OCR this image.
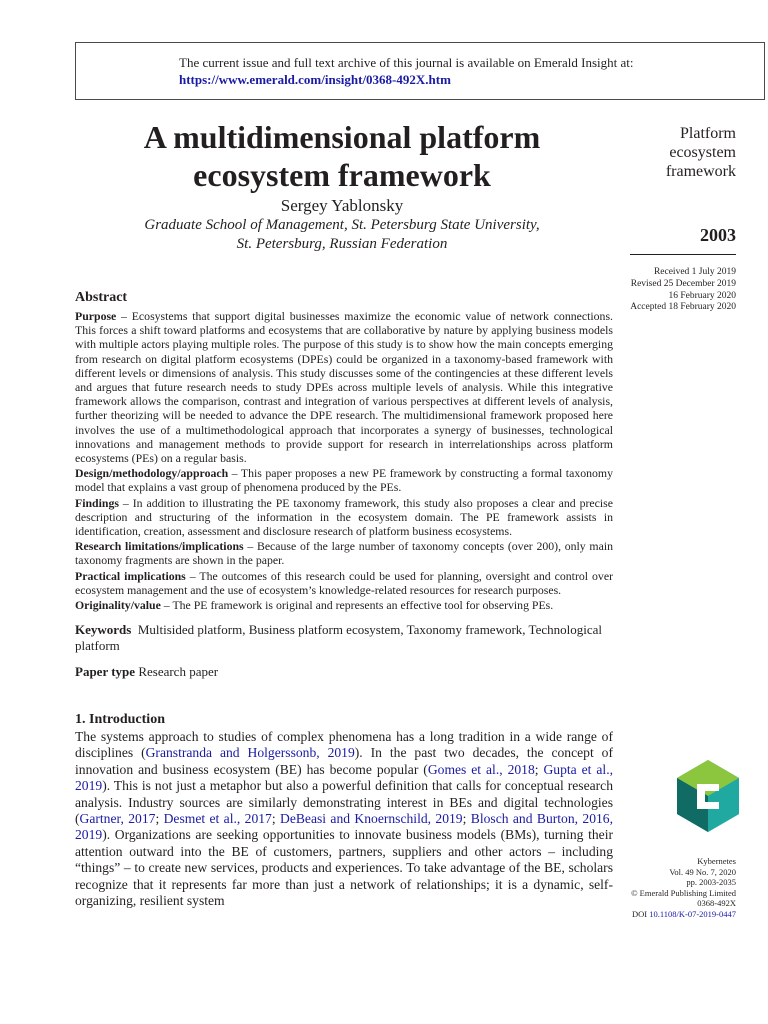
The current issue and full text archive of this journal is available on Emerald Insight at:
https://www.emerald.com/insight/0368-492X.htm
A multidimensional platform ecosystem framework
Sergey Yablonsky
Graduate School of Management, St. Petersburg State University,
St. Petersburg, Russian Federation
Platform
ecosystem
framework
2003
Received 1 July 2019
Revised 25 December 2019
16 February 2020
Accepted 18 February 2020
Abstract

Purpose – Ecosystems that support digital businesses maximize the economic value of network connections. This forces a shift toward platforms and ecosystems that are collaborative by nature by applying business models with multiple actors playing multiple roles. The purpose of this study is to show how the main concepts emerging from research on digital platform ecosystems (DPEs) could be organized in a taxonomy-based framework with different levels or dimensions of analysis. This study discusses some of the contingencies at these different levels and argues that future research needs to study DPEs across multiple levels of analysis. While this integrative framework allows the comparison, contrast and integration of various perspectives at different levels of analysis, further theorizing will be needed to advance the DPE research. The multidimensional framework proposed here involves the use of a multimethodological approach that incorporates a synergy of businesses, technological innovations and management methods to provide support for research in interrelationships across platform ecosystems (PEs) on a regular basis.

Design/methodology/approach – This paper proposes a new PE framework by constructing a formal taxonomy model that explains a vast group of phenomena produced by the PEs.

Findings – In addition to illustrating the PE taxonomy framework, this study also proposes a clear and precise description and structuring of the information in the ecosystem domain. The PE framework assists in identification, creation, assessment and disclosure research of platform business ecosystems.

Research limitations/implications – Because of the large number of taxonomy concepts (over 200), only main taxonomy fragments are shown in the paper.

Practical implications – The outcomes of this research could be used for planning, oversight and control over ecosystem management and the use of ecosystem’s knowledge-related resources for research purposes.

Originality/value – The PE framework is original and represents an effective tool for observing PEs.

Keywords Multisided platform, Business platform ecosystem, Taxonomy framework, Technological platform

Paper type Research paper

1. Introduction

The systems approach to studies of complex phenomena has a long tradition in a wide range of disciplines (Granstranda and Holgerssonb, 2019). In the past two decades, the concept of innovation and business ecosystem (BE) has become popular (Gomes et al., 2018; Gupta et al., 2019). This is not just a metaphor but also a powerful definition that calls for conceptual research analysis. Industry sources are similarly demonstrating interest in BEs and digital technologies (Gartner, 2017; Desmet et al., 2017; DeBeasi and Knoernschild, 2019; Blosch and Burton, 2016, 2019). Organizations are seeking opportunities to innovate business models (BMs), turning their attention outward into the BE of customers, partners, suppliers and other actors – including “things” – to create new services, products and experiences. To take advantage of the BE, scholars recognize that it represents far more than just a network of relationships; it is a dynamic, self-organizing, resilient system

Kybernetes
Vol. 49 No. 7, 2020
pp. 2003-2035
© Emerald Publishing Limited
0368-492X
DOI 10.1108/K-07-2019-0447
